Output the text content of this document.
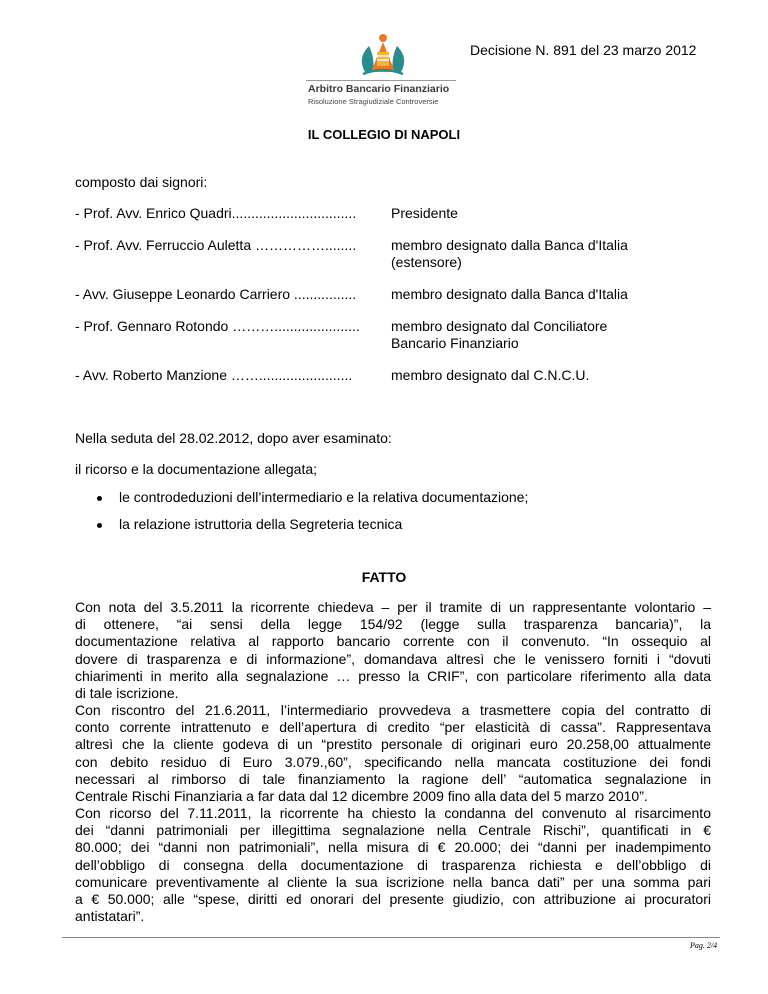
Decisione N. 891 del 23 marzo 2012
Arbitro Bancario Finanziario
Risoluzione Stragiudiziale Controversie
IL COLLEGIO DI NAPOLI
composto dai signori:
- Prof. Avv. Enrico Quadri................................ Presidente
- Prof. Avv. Ferruccio Auletta ……………........ membro designato dalla Banca d'Italia
(estensore)
- Avv. Giuseppe Leonardo Carriero ................ membro designato dalla Banca d'Italia
- Prof. Gennaro Rotondo ………...................... membro designato dal Conciliatore
Bancario Finanziario
- Avv. Roberto Manzione ……........................	membro designato dal C.N.C.U.
Nella seduta del 28.02.2012, dopo aver esaminato:
il ricorso e la documentazione allegata;
le controdeduzioni dell’intermediario e la relativa documentazione;
la relazione istruttoria della Segreteria tecnica
FATTO
Con nota del 3.5.2011 la ricorrente chiedeva – per il tramite di un rappresentante volontario –
di ottenere, “ai sensi della legge 154/92 (legge sulla trasparenza bancaria)”, la
documentazione relativa al rapporto bancario corrente con il convenuto. “In ossequio al
dovere di trasparenza e di informazione”, domandava altresì che le venissero forniti i “dovuti
chiarimenti in merito alla segnalazione … presso la CRIF”, con particolare riferimento alla data
di tale iscrizione.
Con riscontro del 21.6.2011, l’intermediario provvedeva a trasmettere copia del contratto di
conto corrente intrattenuto e dell’apertura di credito “per elasticità di cassa”. Rappresentava
altresì che la cliente godeva di un “prestito personale di originari euro 20.258,00 attualmente
con debito residuo di Euro 3.079.,60”, specificando nella mancata costituzione dei fondi
necessari al rimborso di tale finanziamento la ragione dell’ “automatica segnalazione in
Centrale Rischi Finanziaria a far data dal 12 dicembre 2009 fino alla data del 5 marzo 2010”.
Con ricorso del 7.11.2011, la ricorrente ha chiesto la condanna del convenuto al risarcimento
dei “danni patrimoniali per illegittima segnalazione nella Centrale Rischi”, quantificati in €
80.000; dei “danni non patrimoniali”, nella misura di € 20.000; dei “danni per inadempimento
dell’obbligo di consegna della documentazione di trasparenza richiesta e dell’obbligo di
comunicare preventivamente al cliente la sua iscrizione nella banca dati” per una somma pari
a € 50.000; alle “spese, diritti ed onorari del presente giudizio, con attribuzione ai procuratori
antistatari”.
Pag. 2/4
